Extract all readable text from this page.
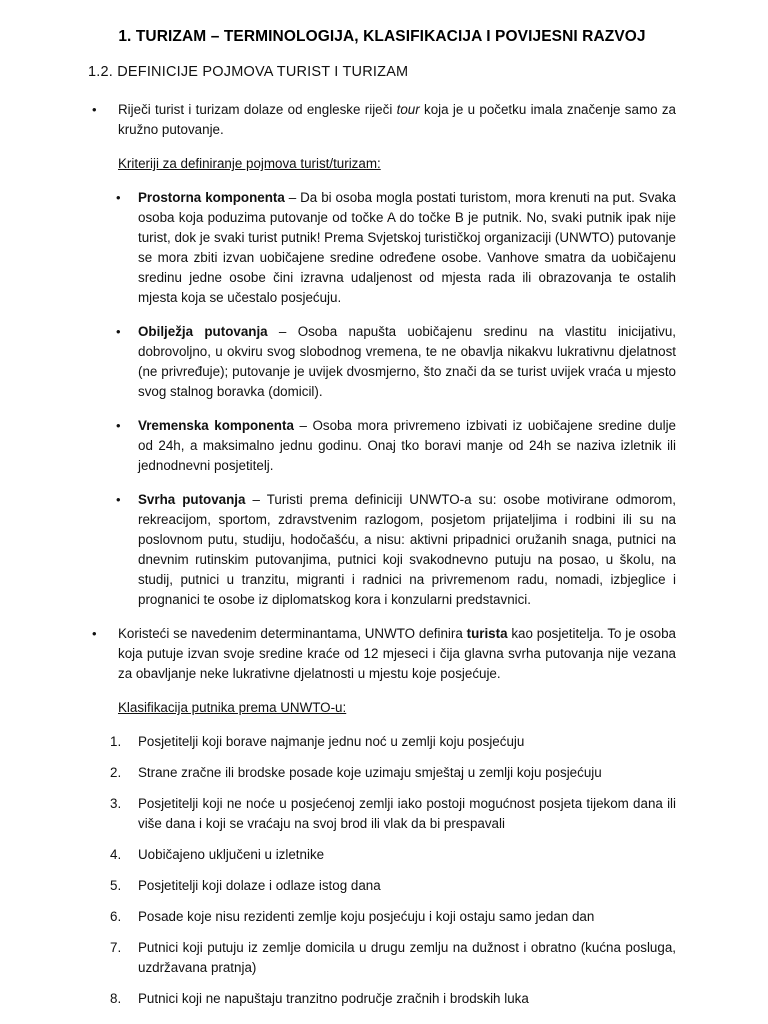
1. TURIZAM – TERMINOLOGIJA, KLASIFIKACIJA I POVIJESNI RAZVOJ
1.2. DEFINICIJE POJMOVA TURIST I TURIZAM
• Riječi turist i turizam dolaze od engleske riječi tour koja je u početku imala značenje samo za kružno putovanje.
Kriteriji za definiranje pojmova turist/turizam:
• Prostorna komponenta – Da bi osoba mogla postati turistom, mora krenuti na put. Svaka osoba koja poduzima putovanje od točke A do točke B je putnik. No, svaki putnik ipak nije turist, dok je svaki turist putnik! Prema Svjetskoj turističkoj organizaciji (UNWTO) putovanje se mora zbiti izvan uobičajene sredine određene osobe. Vanhove smatra da uobičajenu sredinu jedne osobe čini izravna udaljenost od mjesta rada ili obrazovanja te ostalih mjesta koja se učestalo posjećuju.
• Obilježja putovanja – Osoba napušta uobičajenu sredinu na vlastitu inicijativu, dobrovoljno, u okviru svog slobodnog vremena, te ne obavlja nikakvu lukrativnu djelatnost (ne privređuje); putovanje je uvijek dvosmjerno, što znači da se turist uvijek vraća u mjesto svog stalnog boravka (domicil).
• Vremenska komponenta – Osoba mora privremeno izbivati iz uobičajene sredine dulje od 24h, a maksimalno jednu godinu. Onaj tko boravi manje od 24h se naziva izletnik ili jednodnevni posjetitelj.
• Svrha putovanja – Turisti prema definiciji UNWTO-a su: osobe motivirane odmorom, rekreacijom, sportom, zdravstvenim razlogom, posjetom prijateljima i rodbini ili su na poslovnom putu, studiju, hodočašću, a nisu: aktivni pripadnici oružanih snaga, putnici na dnevnim rutinskim putovanjima, putnici koji svakodnevno putuju na posao, u školu, na studij, putnici u tranzitu, migranti i radnici na privremenom radu, nomadi, izbjeglice i prognanici te osobe iz diplomatskog kora i konzularni predstavnici.
• Koristeći se navedenim determinantama, UNWTO definira turista kao posjetitelja. To je osoba koja putuje izvan svoje sredine kraće od 12 mjeseci i čija glavna svrha putovanja nije vezana za obavljanje neke lukrativne djelatnosti u mjestu koje posjećuje.
Klasifikacija putnika prema UNWTO-u:
1. Posjetitelji koji borave najmanje jednu noć u zemlji koju posjećuju
2. Strane zračne ili brodske posade koje uzimaju smještaj u zemlji koju posjećuju
3. Posjetitelji koji ne noće u posjećenoj zemlji iako postoji mogućnost posjeta tijekom dana ili više dana i koji se vraćaju na svoj brod ili vlak da bi prespavali
4. Uobičajeno uključeni u izletnike
5. Posjetitelji koji dolaze i odlaze istog dana
6. Posade koje nisu rezidenti zemlje koju posjećuju i koji ostaju samo jedan dan
7. Putnici koji putuju iz zemlje domicila u drugu zemlju na dužnost i obratno (kućna posluga, uzdržavana pratnja)
8. Putnici koji ne napuštaju tranzitno područje zračnih i brodskih luka
